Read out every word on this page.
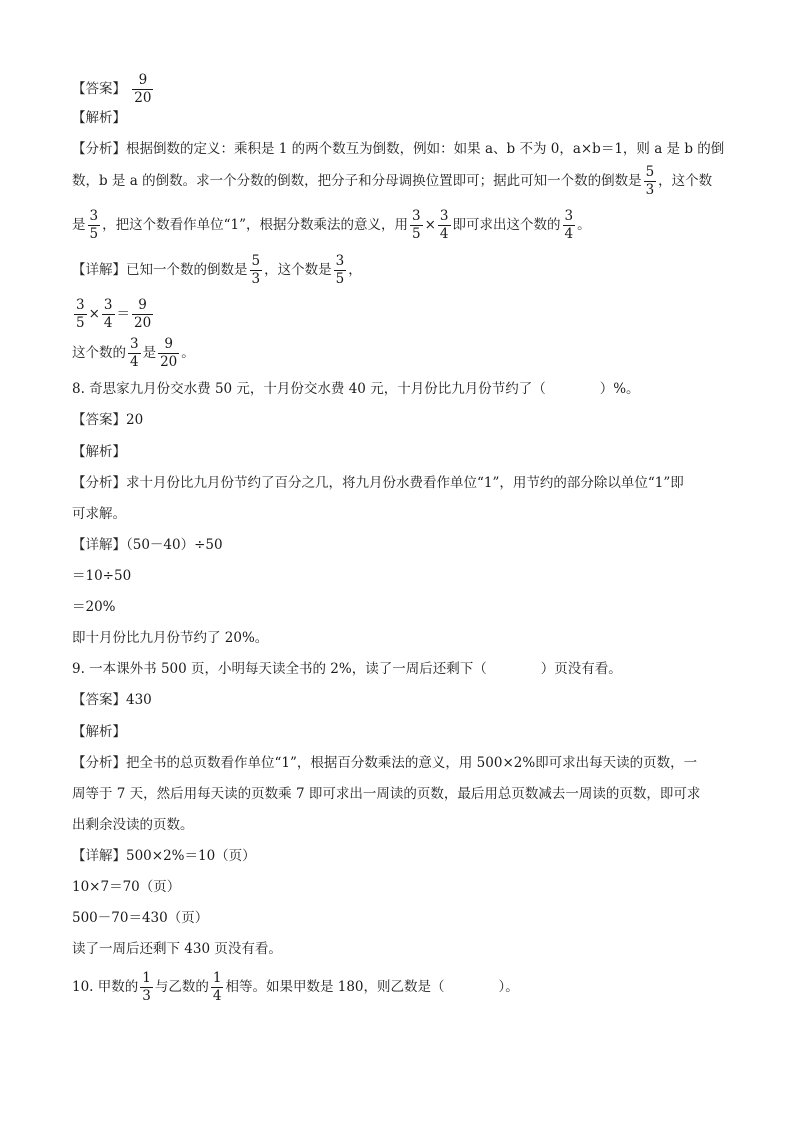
【答案】 $\frac{9}{20}$
【解析】
【分析】根据倒数的定义：乘积是 1 的两个数互为倒数，例如：如果 a、b 不为 0，a×b＝1，则 a 是 b 的倒
数，b 是 a 的倒数。求一个分数的倒数，把分子和分母调换位置即可；据此可知一个数的倒数是 $\frac{5}{3}$ ，这个数
是 $\frac{3}{5}$ ，把这个数看作单位“1”，根据分数乘法的意义，用 $\frac{3}{5} \times \frac{3}{4}$ 即可求出这个数的 $\frac{3}{4}$ 。
【详解】已知一个数的倒数是 $\frac{5}{3}$ ，这个数是 $\frac{3}{5}$ ，
$\frac{3}{5} \times \frac{3}{4} = \frac{9}{20}$
这个数的 $\frac{3}{4}$ 是 $\frac{9}{20}$ 。
8. 奇思家九月份交水费 50 元，十月份交水费 40 元，十月份比九月份节约了（　　　　）%。
【答案】20
【解析】
【分析】求十月份比九月份节约了百分之几，将九月份水费看作单位“1”，用节约的部分除以单位“1”即
可求解。
【详解】（50－40）÷50
＝10÷50
＝20%
即十月份比九月份节约了 20%。
9. 一本课外书 500 页，小明每天读全书的 2%，读了一周后还剩下（　　　　）页没有看。
【答案】430
【解析】
【分析】把全书的总页数看作单位“1”，根据百分数乘法的意义，用 500×2%即可求出每天读的页数，一
周等于 7 天，然后用每天读的页数乘 7 即可求出一周读的页数，最后用总页数减去一周读的页数，即可求
出剩余没读的页数。
【详解】500×2%＝10（页）
10×7＝70（页）
500－70＝430（页）
读了一周后还剩下 430 页没有看。
10. 甲数的 $\frac{1}{3}$ 与乙数的 $\frac{1}{4}$ 相等。如果甲数是 180，则乙数是（　　　　）。
